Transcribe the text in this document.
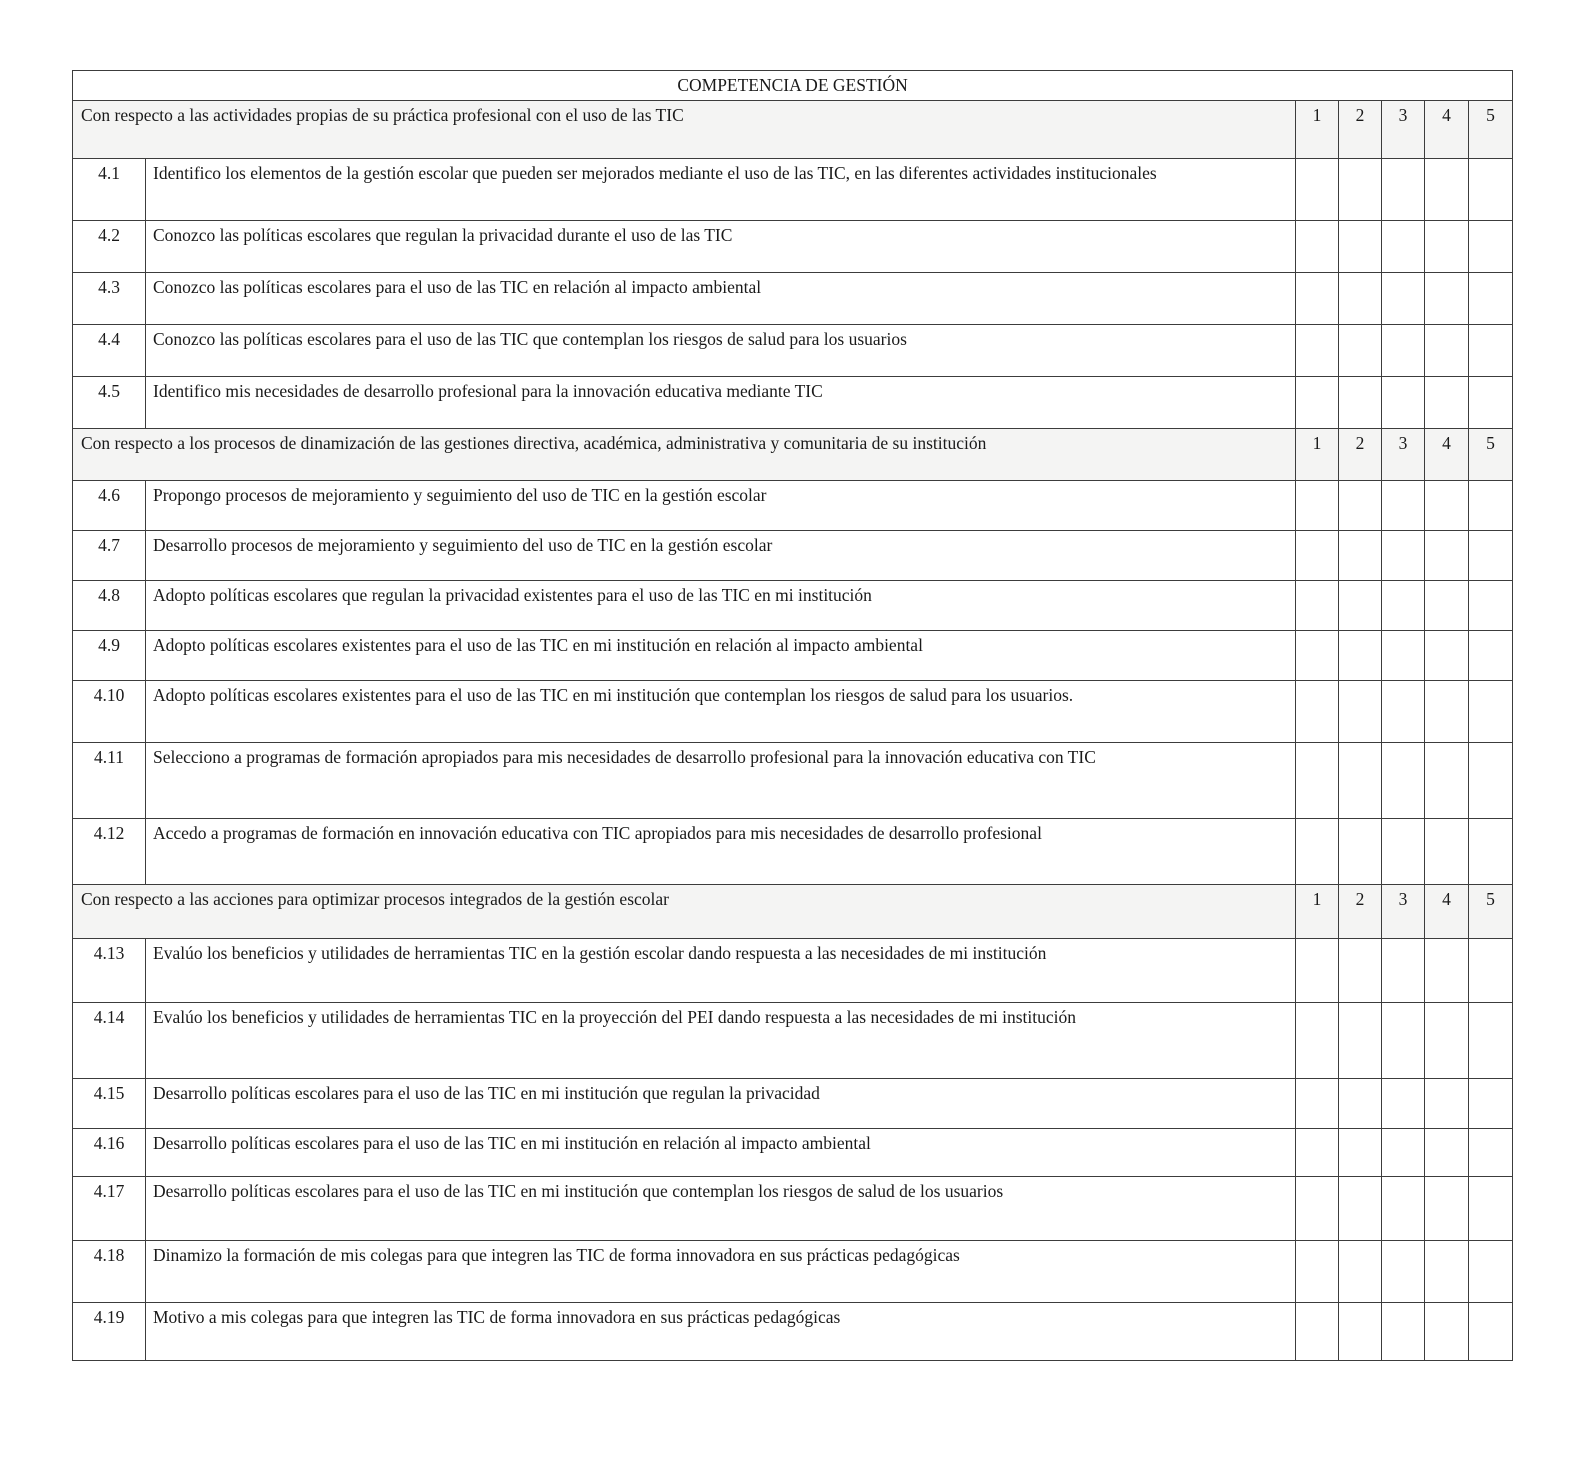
COMPETENCIA DE GESTIÓN						
Con respecto a las actividades propias de su práctica profesional con el uso de las TIC		1	2	3	4	5
4.1	Identifico los elementos de la gestión escolar que pueden ser mejorados mediante el uso de las TIC, en las diferentes actividades institucionales					
4.2	Conozco las políticas escolares que regulan la privacidad durante el uso de las TIC					
4.3	Conozco las políticas escolares para el uso de las TIC en relación al impacto ambiental					
4.4	Conozco las políticas escolares para el uso de las TIC que contemplan los riesgos de salud para los usuarios					
4.5	Identifico mis necesidades de desarrollo profesional para la innovación educativa mediante TIC					
Con respecto a los procesos de dinamización de las gestiones directiva, académica, administrativa y comunitaria de su institución		1	2	3	4	5
4.6	Propongo procesos de mejoramiento y seguimiento del uso de TIC en la gestión escolar					
4.7	Desarrollo procesos de mejoramiento y seguimiento del uso de TIC en la gestión escolar					
4.8	Adopto políticas escolares que regulan la privacidad existentes para el uso de las TIC en mi institución					
4.9	Adopto políticas escolares existentes para el uso de las TIC en mi institución en relación al impacto ambiental					
4.10	Adopto políticas escolares existentes para el uso de las TIC en mi institución que contemplan los riesgos de salud para los usuarios.					
4.11	Selecciono a programas de formación apropiados para mis necesidades de desarrollo profesional para la innovación educativa con TIC					
4.12	Accedo a programas de formación en innovación educativa con TIC apropiados para mis necesidades de desarrollo profesional					
Con respecto a las acciones para optimizar procesos integrados de la gestión escolar		1	2	3	4	5
4.13	Evalúo los beneficios y utilidades de herramientas TIC en la gestión escolar dando respuesta a las necesidades de mi institución					
4.14	Evalúo los beneficios y utilidades de herramientas TIC en la proyección del PEI dando respuesta a las necesidades de mi institución					
4.15	Desarrollo políticas escolares para el uso de las TIC en mi institución que regulan la privacidad					
4.16	Desarrollo políticas escolares para el uso de las TIC en mi institución en relación al impacto ambiental					
4.17	Desarrollo políticas escolares para el uso de las TIC en mi institución que contemplan los riesgos de salud de los usuarios					
4.18	Dinamizo la formación de mis colegas para que integren las TIC de forma innovadora en sus prácticas pedagógicas					
4.19	Motivo a mis colegas para que integren las TIC de forma innovadora en sus prácticas pedagógicas					
